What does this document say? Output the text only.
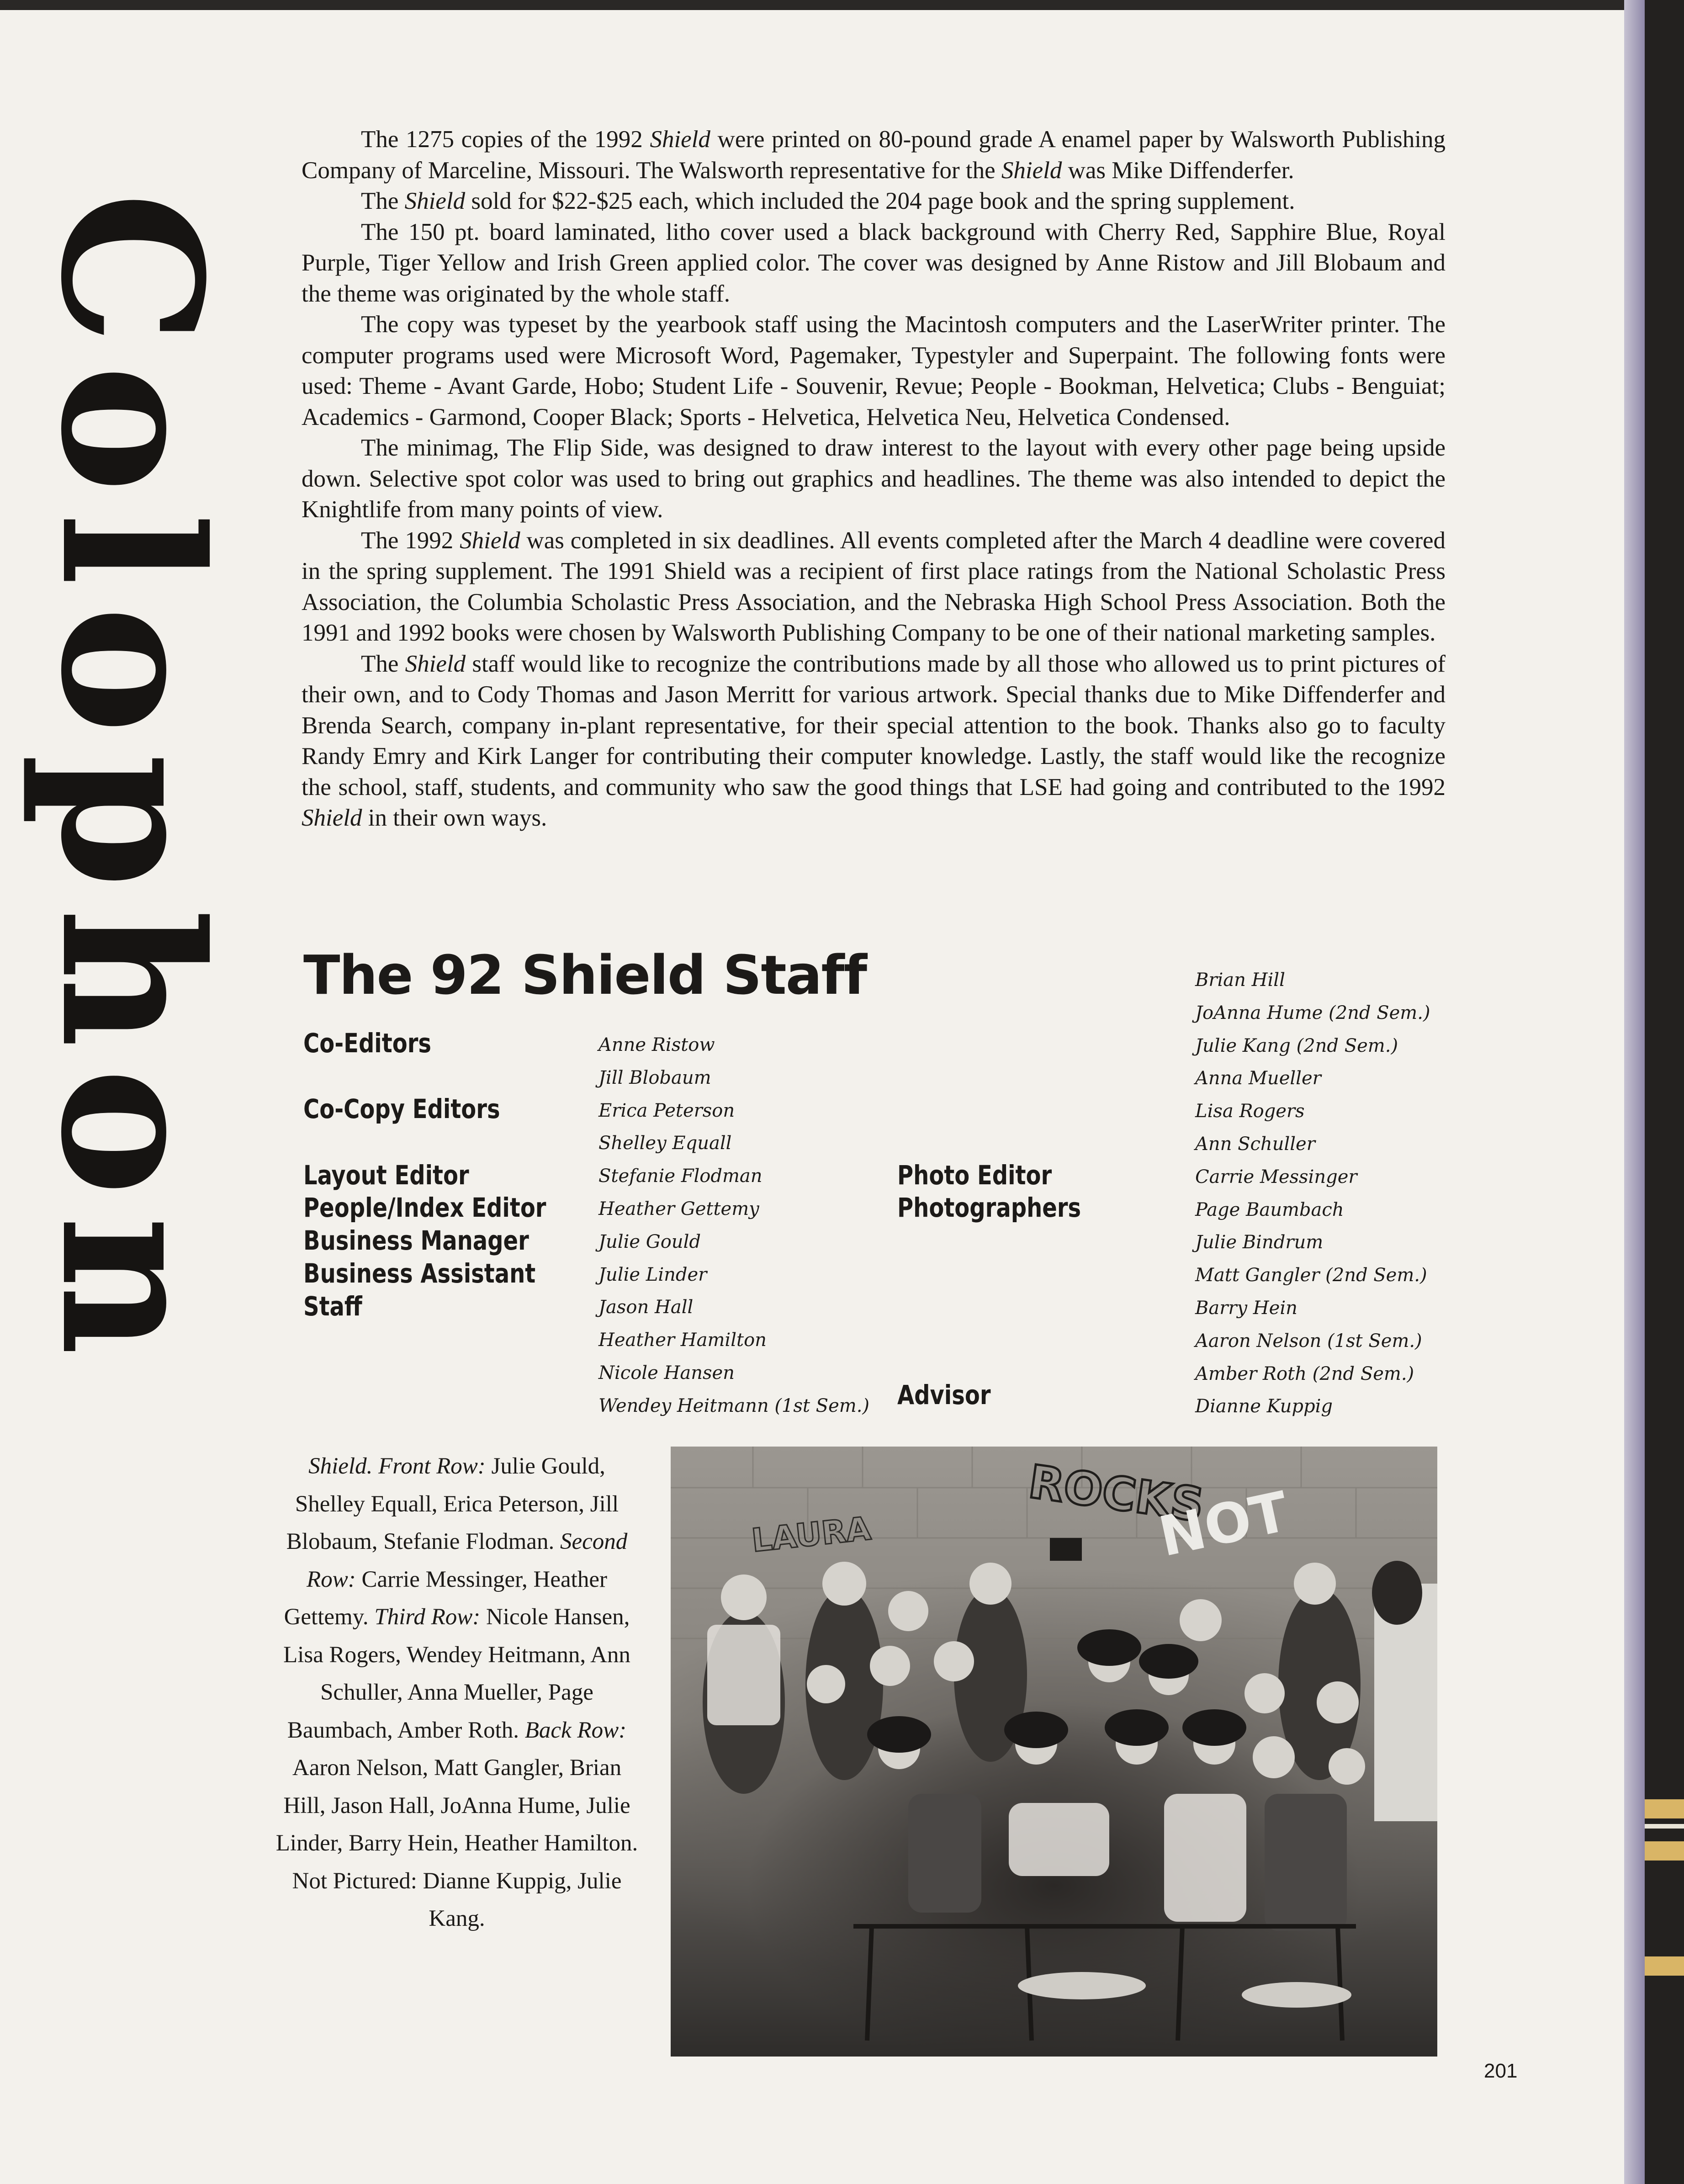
Colophon

The 1275 copies of the 1992 Shield were printed on 80-pound grade A enamel paper by Walsworth Publishing Company of Marceline, Missouri. The Walsworth representative for the Shield was Mike Diffenderfer.

The Shield sold for $22-$25 each, which included the 204 page book and the spring supplement.

The 150 pt. board laminated, litho cover used a black background with Cherry Red, Sapphire Blue, Royal Purple, Tiger Yellow and Irish Green applied color. The cover was designed by Anne Ristow and Jill Blobaum and the theme was originated by the whole staff.

The copy was typeset by the yearbook staff using the Macintosh computers and the LaserWriter printer. The computer programs used were Microsoft Word, Pagemaker, Typestyler and Superpaint. The following fonts were used: Theme - Avant Garde, Hobo; Student Life - Souvenir, Revue; People - Bookman, Helvetica; Clubs - Benguiat; Academics - Garmond, Cooper Black; Sports - Helvetica, Helvetica Neu, Helvetica Condensed.

The minimag, The Flip Side, was designed to draw interest to the layout with every other page being upside down. Selective spot color was used to bring out graphics and headlines. The theme was also intended to depict the Knightlife from many points of view.

The 1992 Shield was completed in six deadlines. All events completed after the March 4 deadline were covered in the spring supplement. The 1991 Shield was a recipient of first place ratings from the National Scholastic Press Association, the Columbia Scholastic Press Association, and the Nebraska High School Press Association. Both the 1991 and 1992 books were chosen by Walsworth Publishing Company to be one of their national marketing samples.

The Shield staff would like to recognize the contributions made by all those who allowed us to print pictures of their own, and to Cody Thomas and Jason Merritt for various artwork. Special thanks due to Mike Diffenderfer and Brenda Search, company in-plant representative, for their special attention to the book. Thanks also go to faculty Randy Emry and Kirk Langer for contributing their computer knowledge. Lastly, the staff would like the recognize the school, staff, students, and community who saw the good things that LSE had going and contributed to the 1992 Shield in their own ways.

The 92 Shield Staff
Co-Editors
Co-Copy Editors
Layout Editor
People/Index Editor
Business Manager
Business Assistant
Staff
Photo Editor
Photographers
Advisor
Anne Ristow
Jill Blobaum
Erica Peterson
Shelley Equall
Stefanie Flodman
Heather Gettemy
Julie Gould
Julie Linder
Jason Hall
Heather Hamilton
Nicole Hansen
Wendey Heitmann (1st Sem.)
Brian Hill
JoAnna Hume (2nd Sem.)
Julie Kang (2nd Sem.)
Anna Mueller
Lisa Rogers
Ann Schuller
Carrie Messinger
Page Baumbach
Julie Bindrum
Matt Gangler (2nd Sem.)
Barry Hein
Aaron Nelson (1st Sem.)
Amber Roth (2nd Sem.)
Dianne Kuppig
Shield. Front Row: Julie Gould, Shelley Equall, Erica Peterson, Jill Blobaum, Stefanie Flodman. Second Row: Carrie Messinger, Heather Gettemy. Third Row: Nicole Hansen, Lisa Rogers, Wendey Heitmann, Ann Schuller, Anna Mueller, Page Baumbach, Amber Roth. Back Row: Aaron Nelson, Matt Gangler, Brian Hill, Jason Hall, JoAnna Hume, Julie Linder, Barry Hein, Heather Hamilton. Not Pictured: Dianne Kuppig, Julie Kang.
ROCKS
NOT
LAURA
201
